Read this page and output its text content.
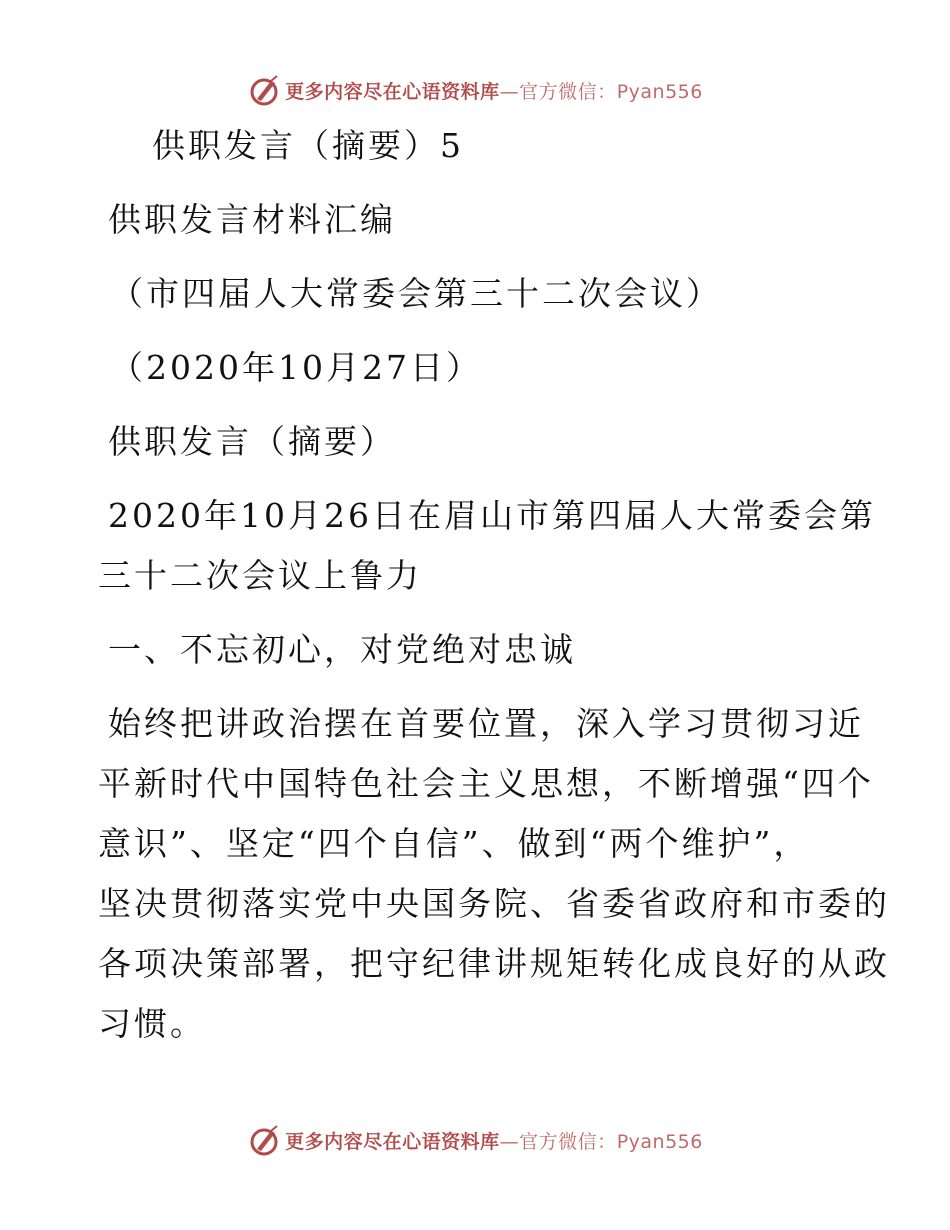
更多内容尽在心语资料库—官方微信：Pyan556
供职发言（摘要）5
供职发言材料汇编
（市四届人大常委会第三十二次会议）
（2020年10月27日）
供职发言（摘要）
2020年10月26日在眉山市第四届人大常委会第
三十二次会议上鲁力
一、不忘初心，对党绝对忠诚
始终把讲政治摆在首要位置，深入学习贯彻习近
平新时代中国特色社会主义思想，不断增强“四个
意识”、坚定“四个自信”、做到“两个维护”，
坚决贯彻落实党中央国务院、省委省政府和市委的
各项决策部署，把守纪律讲规矩转化成良好的从政
习惯。
更多内容尽在心语资料库—官方微信：Pyan556
